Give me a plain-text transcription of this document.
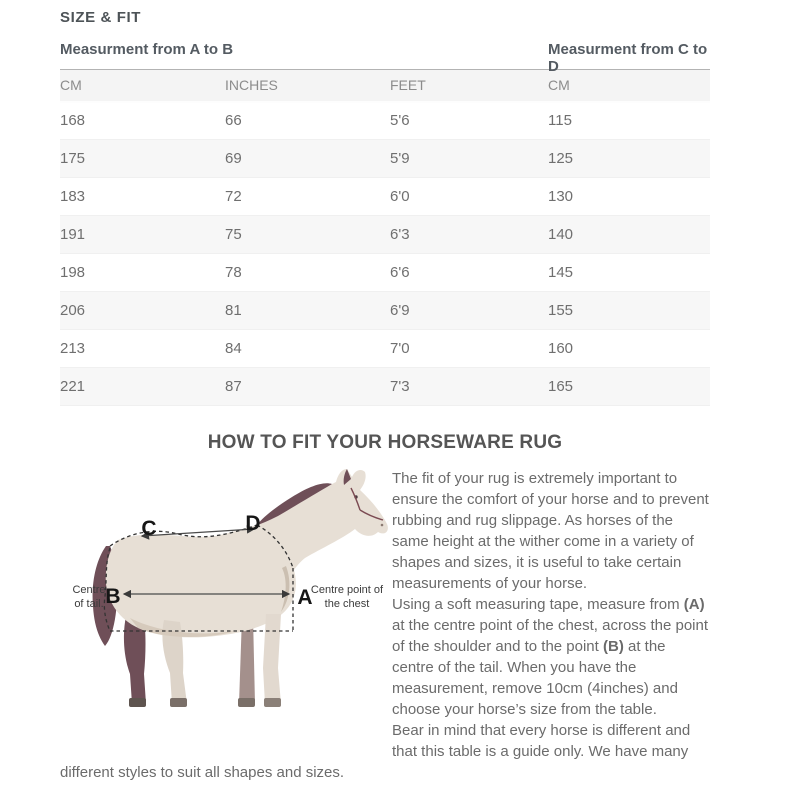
SIZE & FIT
Measurment from A to B	Measurment from C to D
CM	INCHES	FEET	CM
168	66	5'6	115
175	69	5'9	125
183	72	6'0	130
191	75	6'3	140
198	78	6'6	145
206	81	6'9	155
213	84	7'0	160
221	87	7'3	165
HOW TO FIT YOUR HORSEWARE RUG
C	D
B	A
Centre
of tail.
Centre point of
the chest

The fit of your rug is extremely important to ensure the comfort of your horse and to prevent rubbing and rug slippage. As horses of the same height at the wither come in a variety of shapes and sizes, it is useful to take certain measurements of your horse.

Using a soft measuring tape, measure from (A) at the centre point of the chest, across the point of the shoulder and to the point (B) at the centre of the tail. When you have the measurement, remove 10cm (4inches) and choose your horse’s size from the table.

Bear in mind that every horse is different and that this table is a guide only. We have many different styles to suit all shapes and sizes.
